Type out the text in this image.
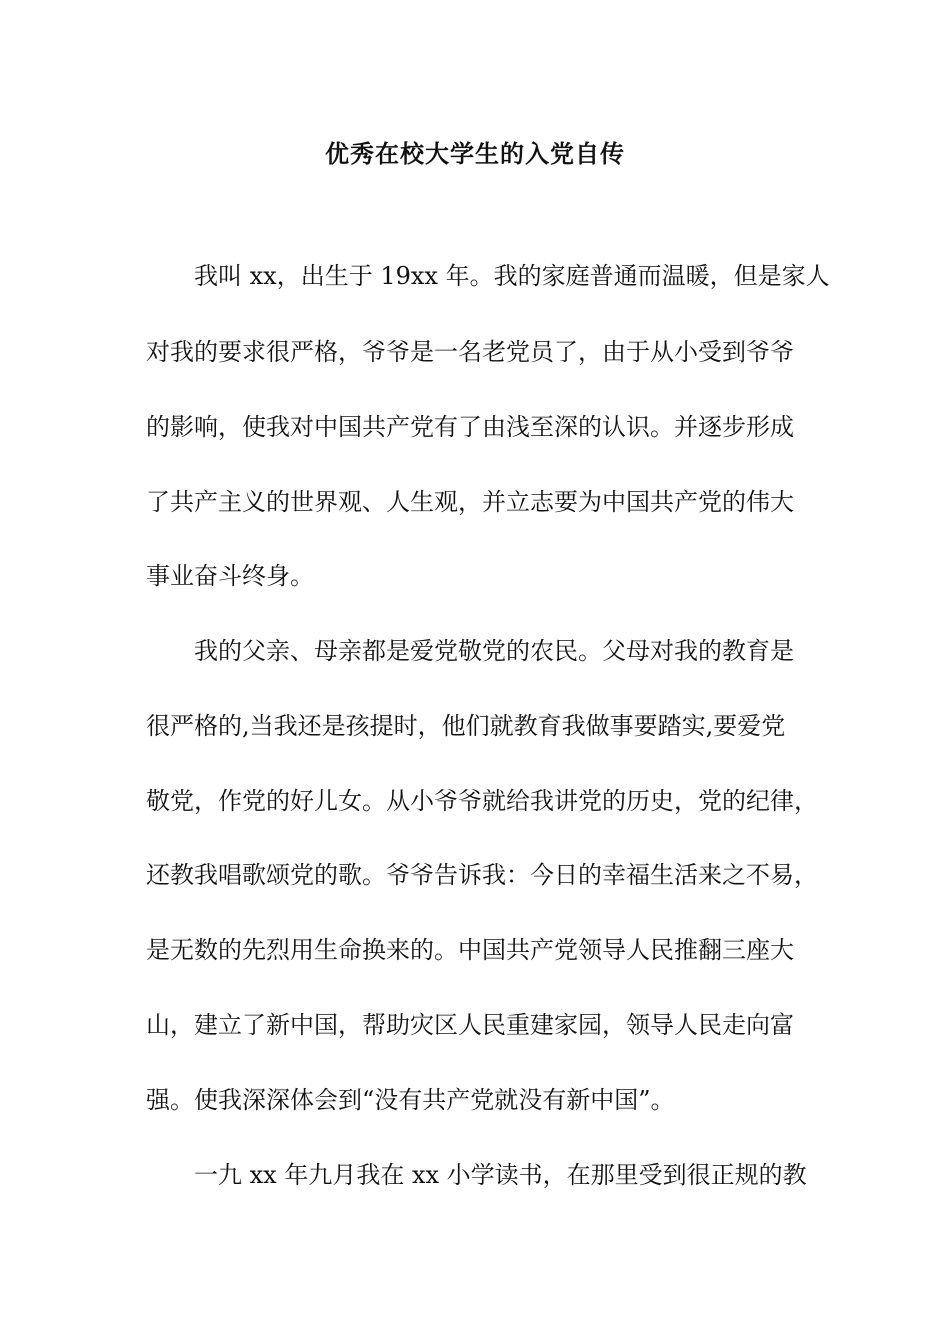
优秀在校大学生的入党自传
我叫 xx，出生于 19xx 年。我的家庭普通而温暖，但是家人
对我的要求很严格，爷爷是一名老党员了，由于从小受到爷爷
的影响，使我对中国共产党有了由浅至深的认识。并逐步形成
了共产主义的世界观、人生观，并立志要为中国共产党的伟大
事业奋斗终身。
我的父亲、母亲都是爱党敬党的农民。父母对我的教育是
很严格的,当我还是孩提时，他们就教育我做事要踏实,要爱党
敬党，作党的好儿女。从小爷爷就给我讲党的历史，党的纪律，
还教我唱歌颂党的歌。爷爷告诉我：今日的幸福生活来之不易，
是无数的先烈用生命换来的。中国共产党领导人民推翻三座大
山，建立了新中国，帮助灾区人民重建家园，领导人民走向富
强。使我深深体会到“没有共产党就没有新中国”。
一九 xx 年九月我在 xx 小学读书，在那里受到很正规的教
